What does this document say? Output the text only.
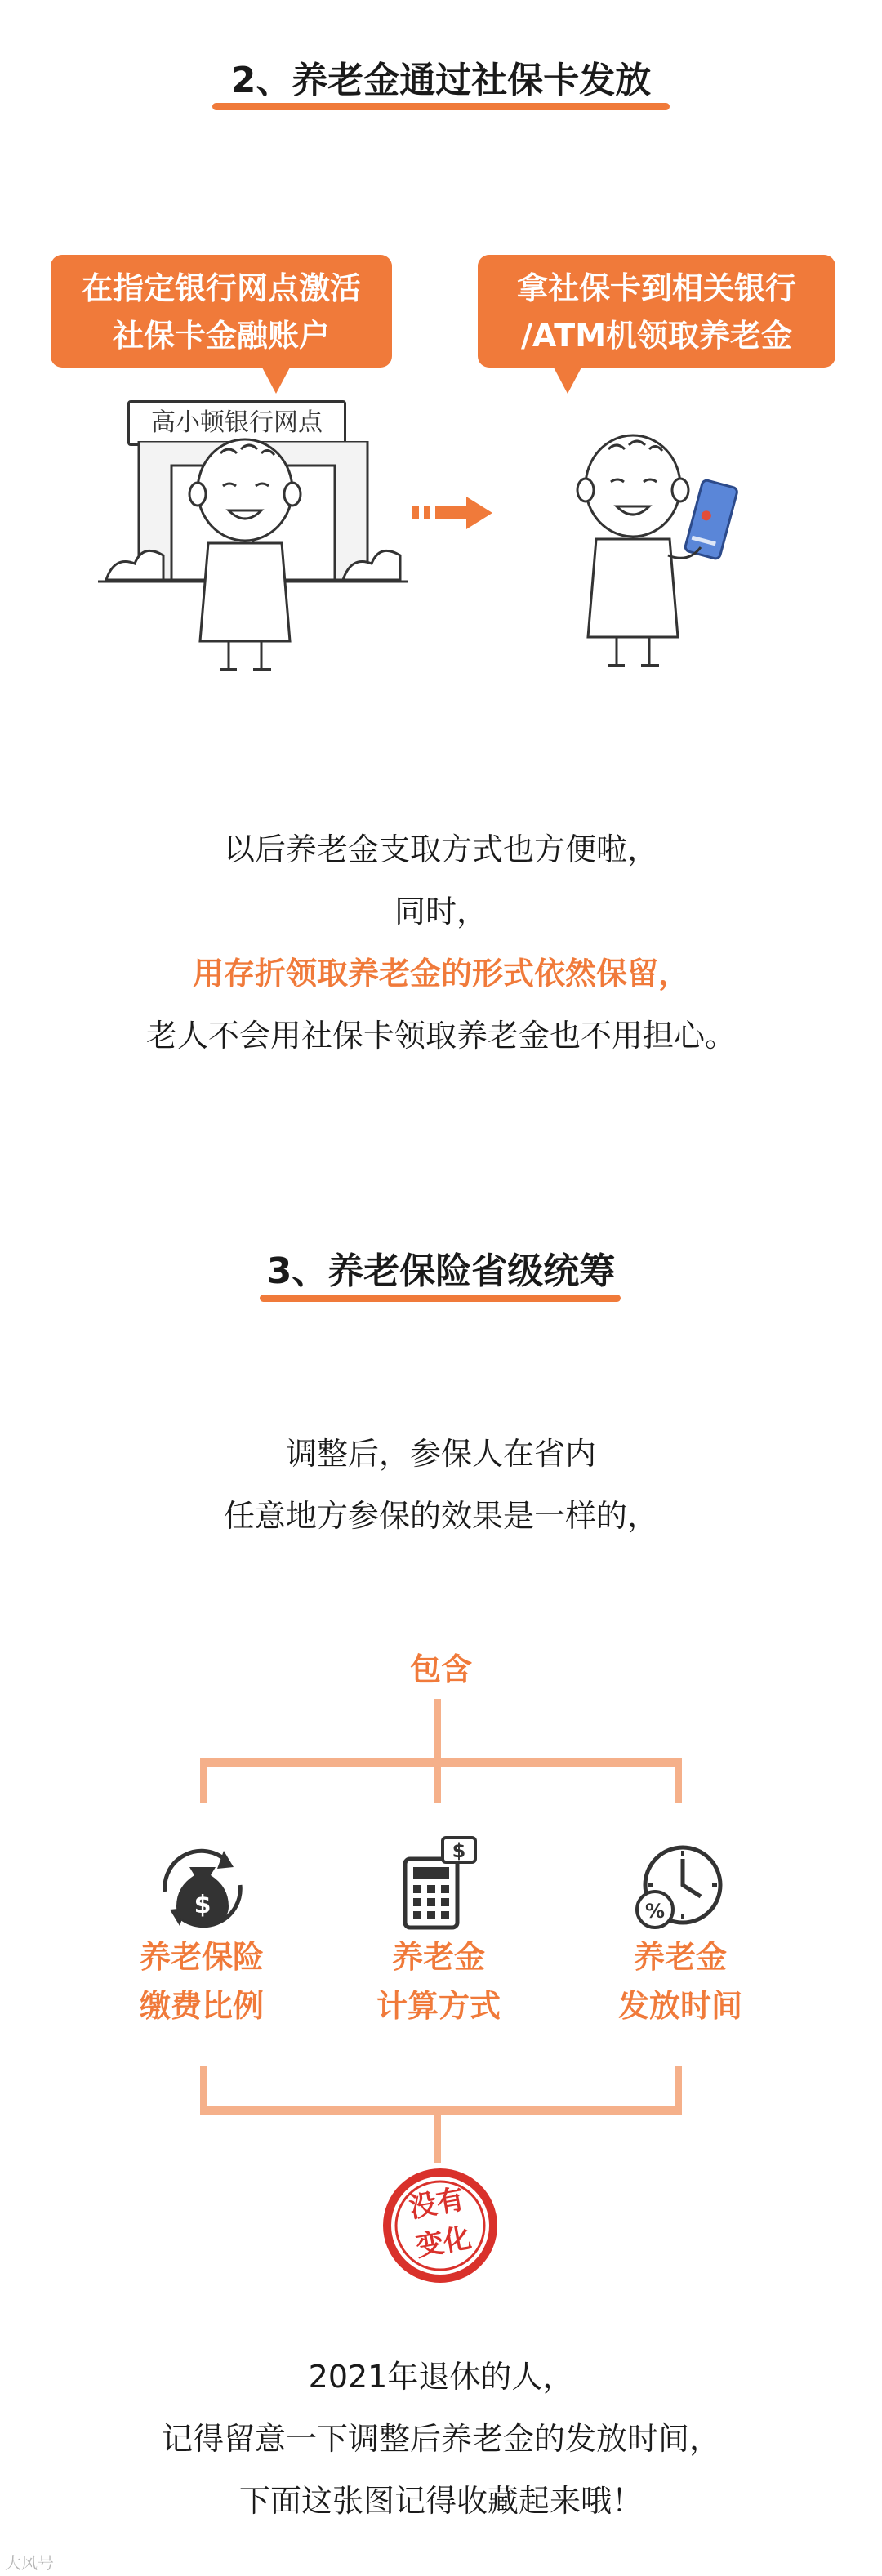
2、养老金通过社保卡发放
在指定银行网点激活
社保卡金融账户
拿社保卡到相关银行
/ATM机领取养老金
高小顿银行网点
以后养老金支取方式也方便啦，
同时，
用存折领取养老金的形式依然保留，
老人不会用社保卡领取养老金也不用担心。
3、养老保险省级统筹
调整后，参保人在省内
任意地方参保的效果是一样的，
包含
$
养老保险
缴费比例
$
养老金
计算方式
%
养老金
发放时间
没有
变化
2021年退休的人，
记得留意一下调整后养老金的发放时间，
下面这张图记得收藏起来哦！
大风号
